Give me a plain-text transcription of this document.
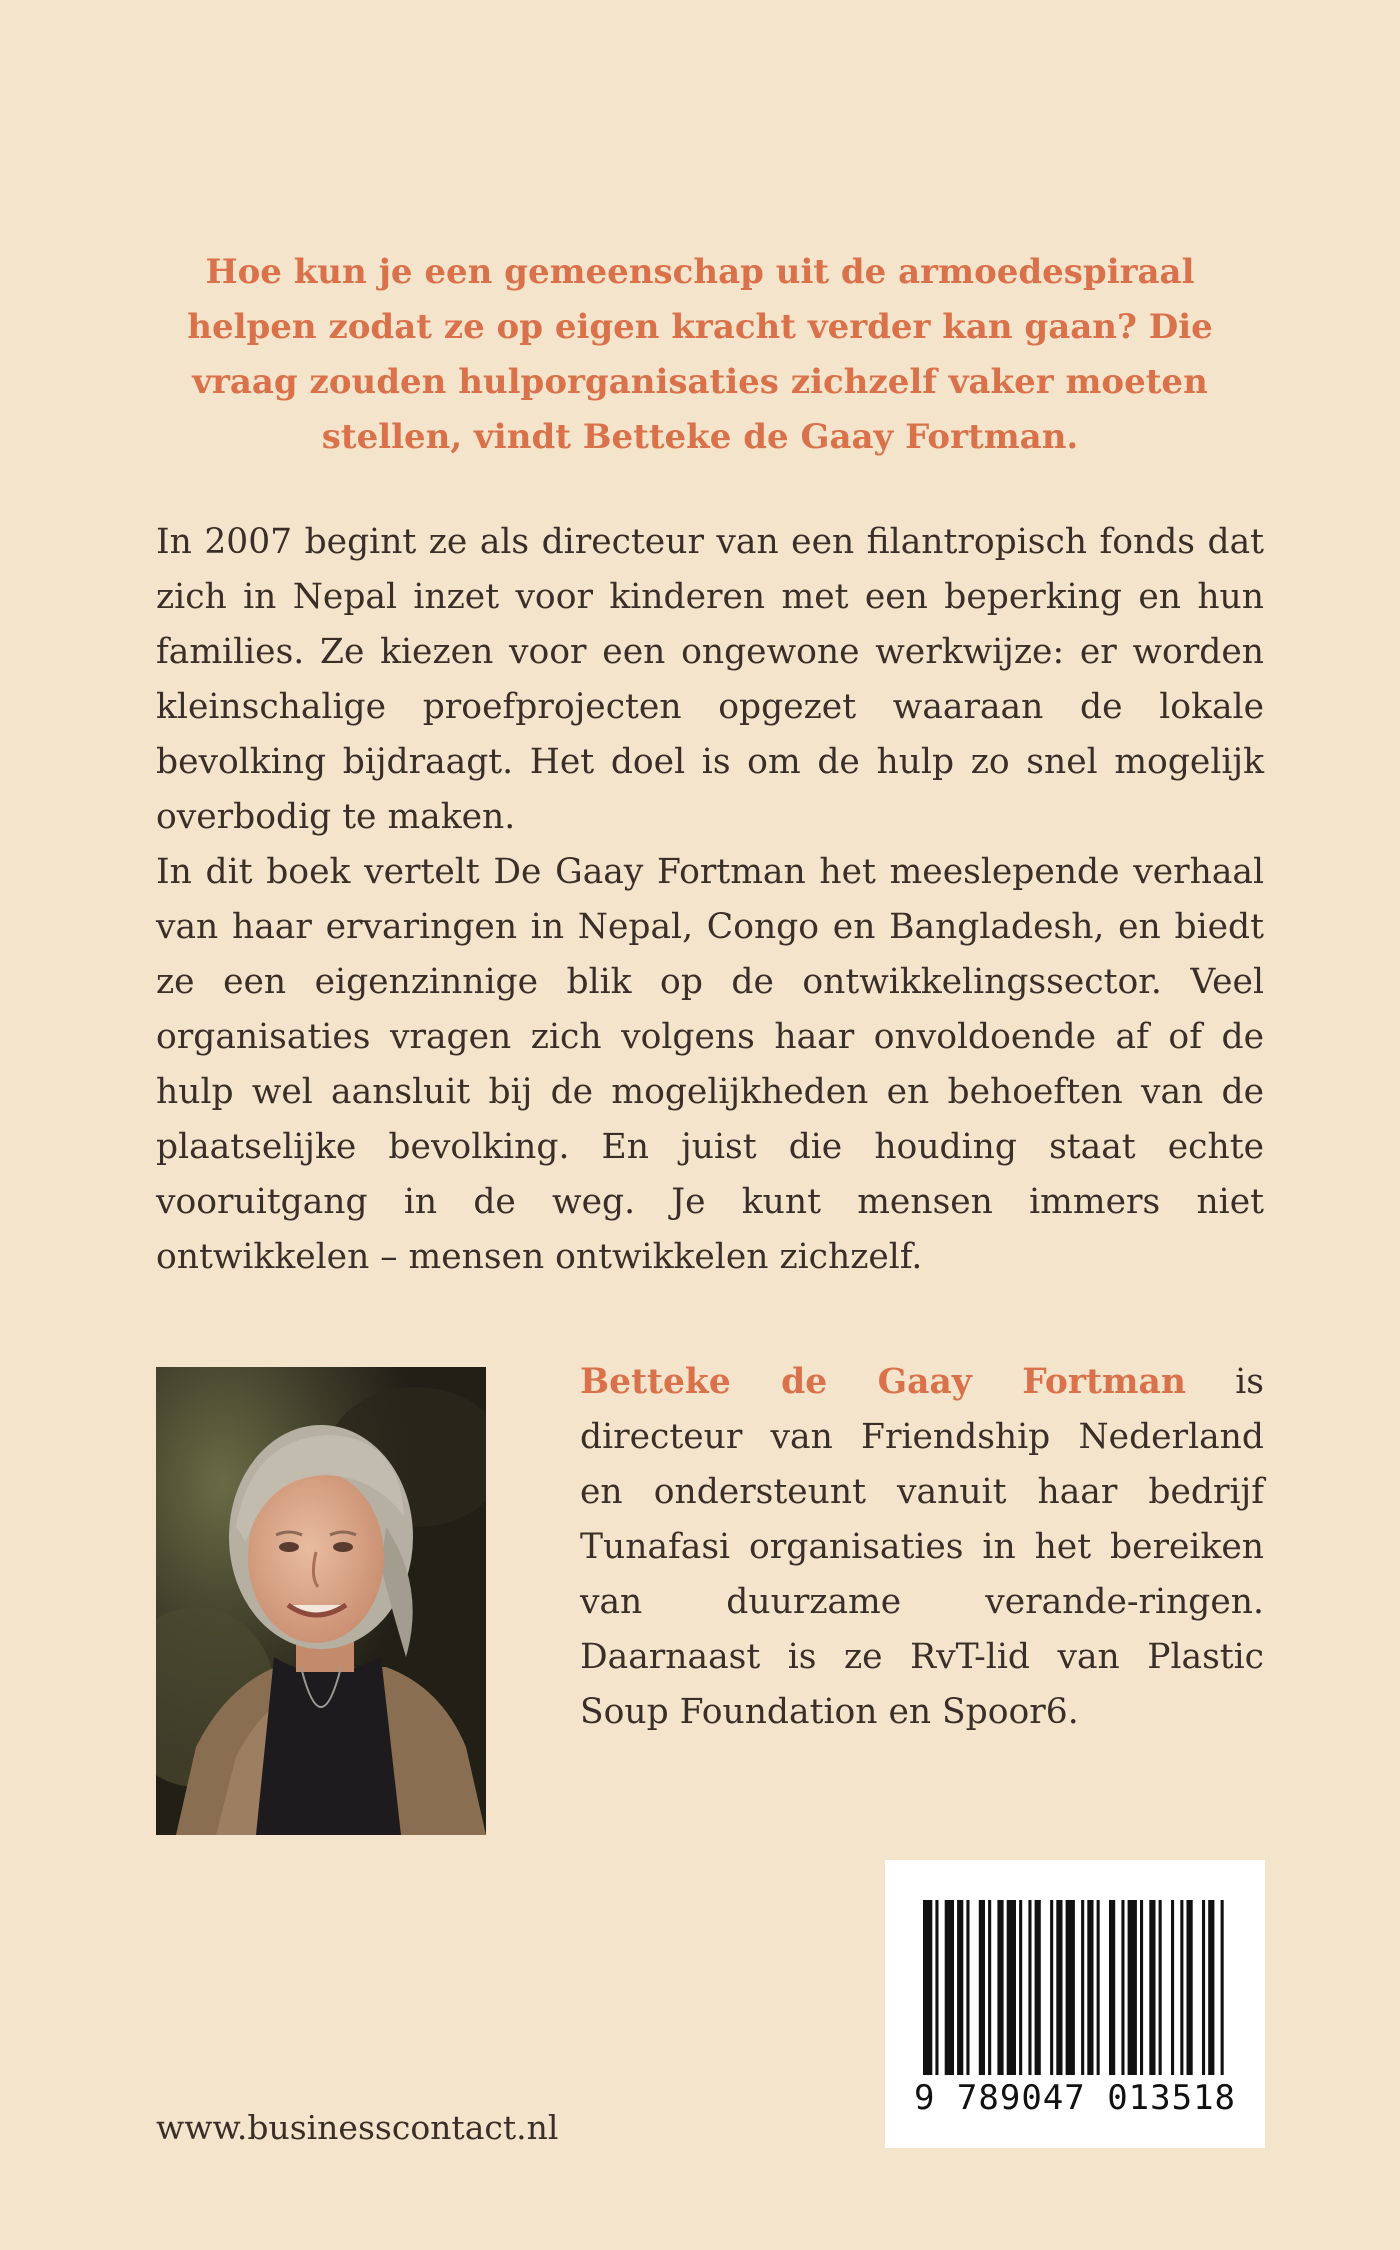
Hoe kun je een gemeenschap uit de armoedespiraal helpen zodat ze op eigen kracht verder kan gaan? Die vraag zouden hulporganisaties zichzelf vaker moeten stellen, vindt Betteke de Gaay Fortman.

In 2007 begint ze als directeur van een filantropisch fonds dat zich in Nepal inzet voor kinderen met een beperking en hun families. Ze kiezen voor een ongewone werkwijze: er worden kleinschalige proefprojecten opgezet waaraan de lokale bevolking bijdraagt. Het doel is om de hulp zo snel mogelijk overbodig te maken.

In dit boek vertelt De Gaay Fortman het meeslepende verhaal van haar ervaringen in Nepal, Congo en Bangladesh, en biedt ze een eigenzinnige blik op de ontwikkelingssector. Veel organisaties vragen zich volgens haar onvoldoende af of de hulp wel aansluit bij de mogelijkheden en behoeften van de plaatselijke bevolking. En juist die houding staat echte vooruitgang in de weg. Je kunt mensen immers niet ontwikkelen – mensen ontwikkelen zichzelf.

Betteke de Gaay Fortman is directeur van Friendship Nederland en ondersteunt vanuit haar bedrijf Tunafasi organisaties in het bereiken van duurzame verande-ringen. Daarnaast is ze RvT-lid van Plastic Soup Foundation en Spoor6.

9 789047 013518
www.businesscontact.nl
